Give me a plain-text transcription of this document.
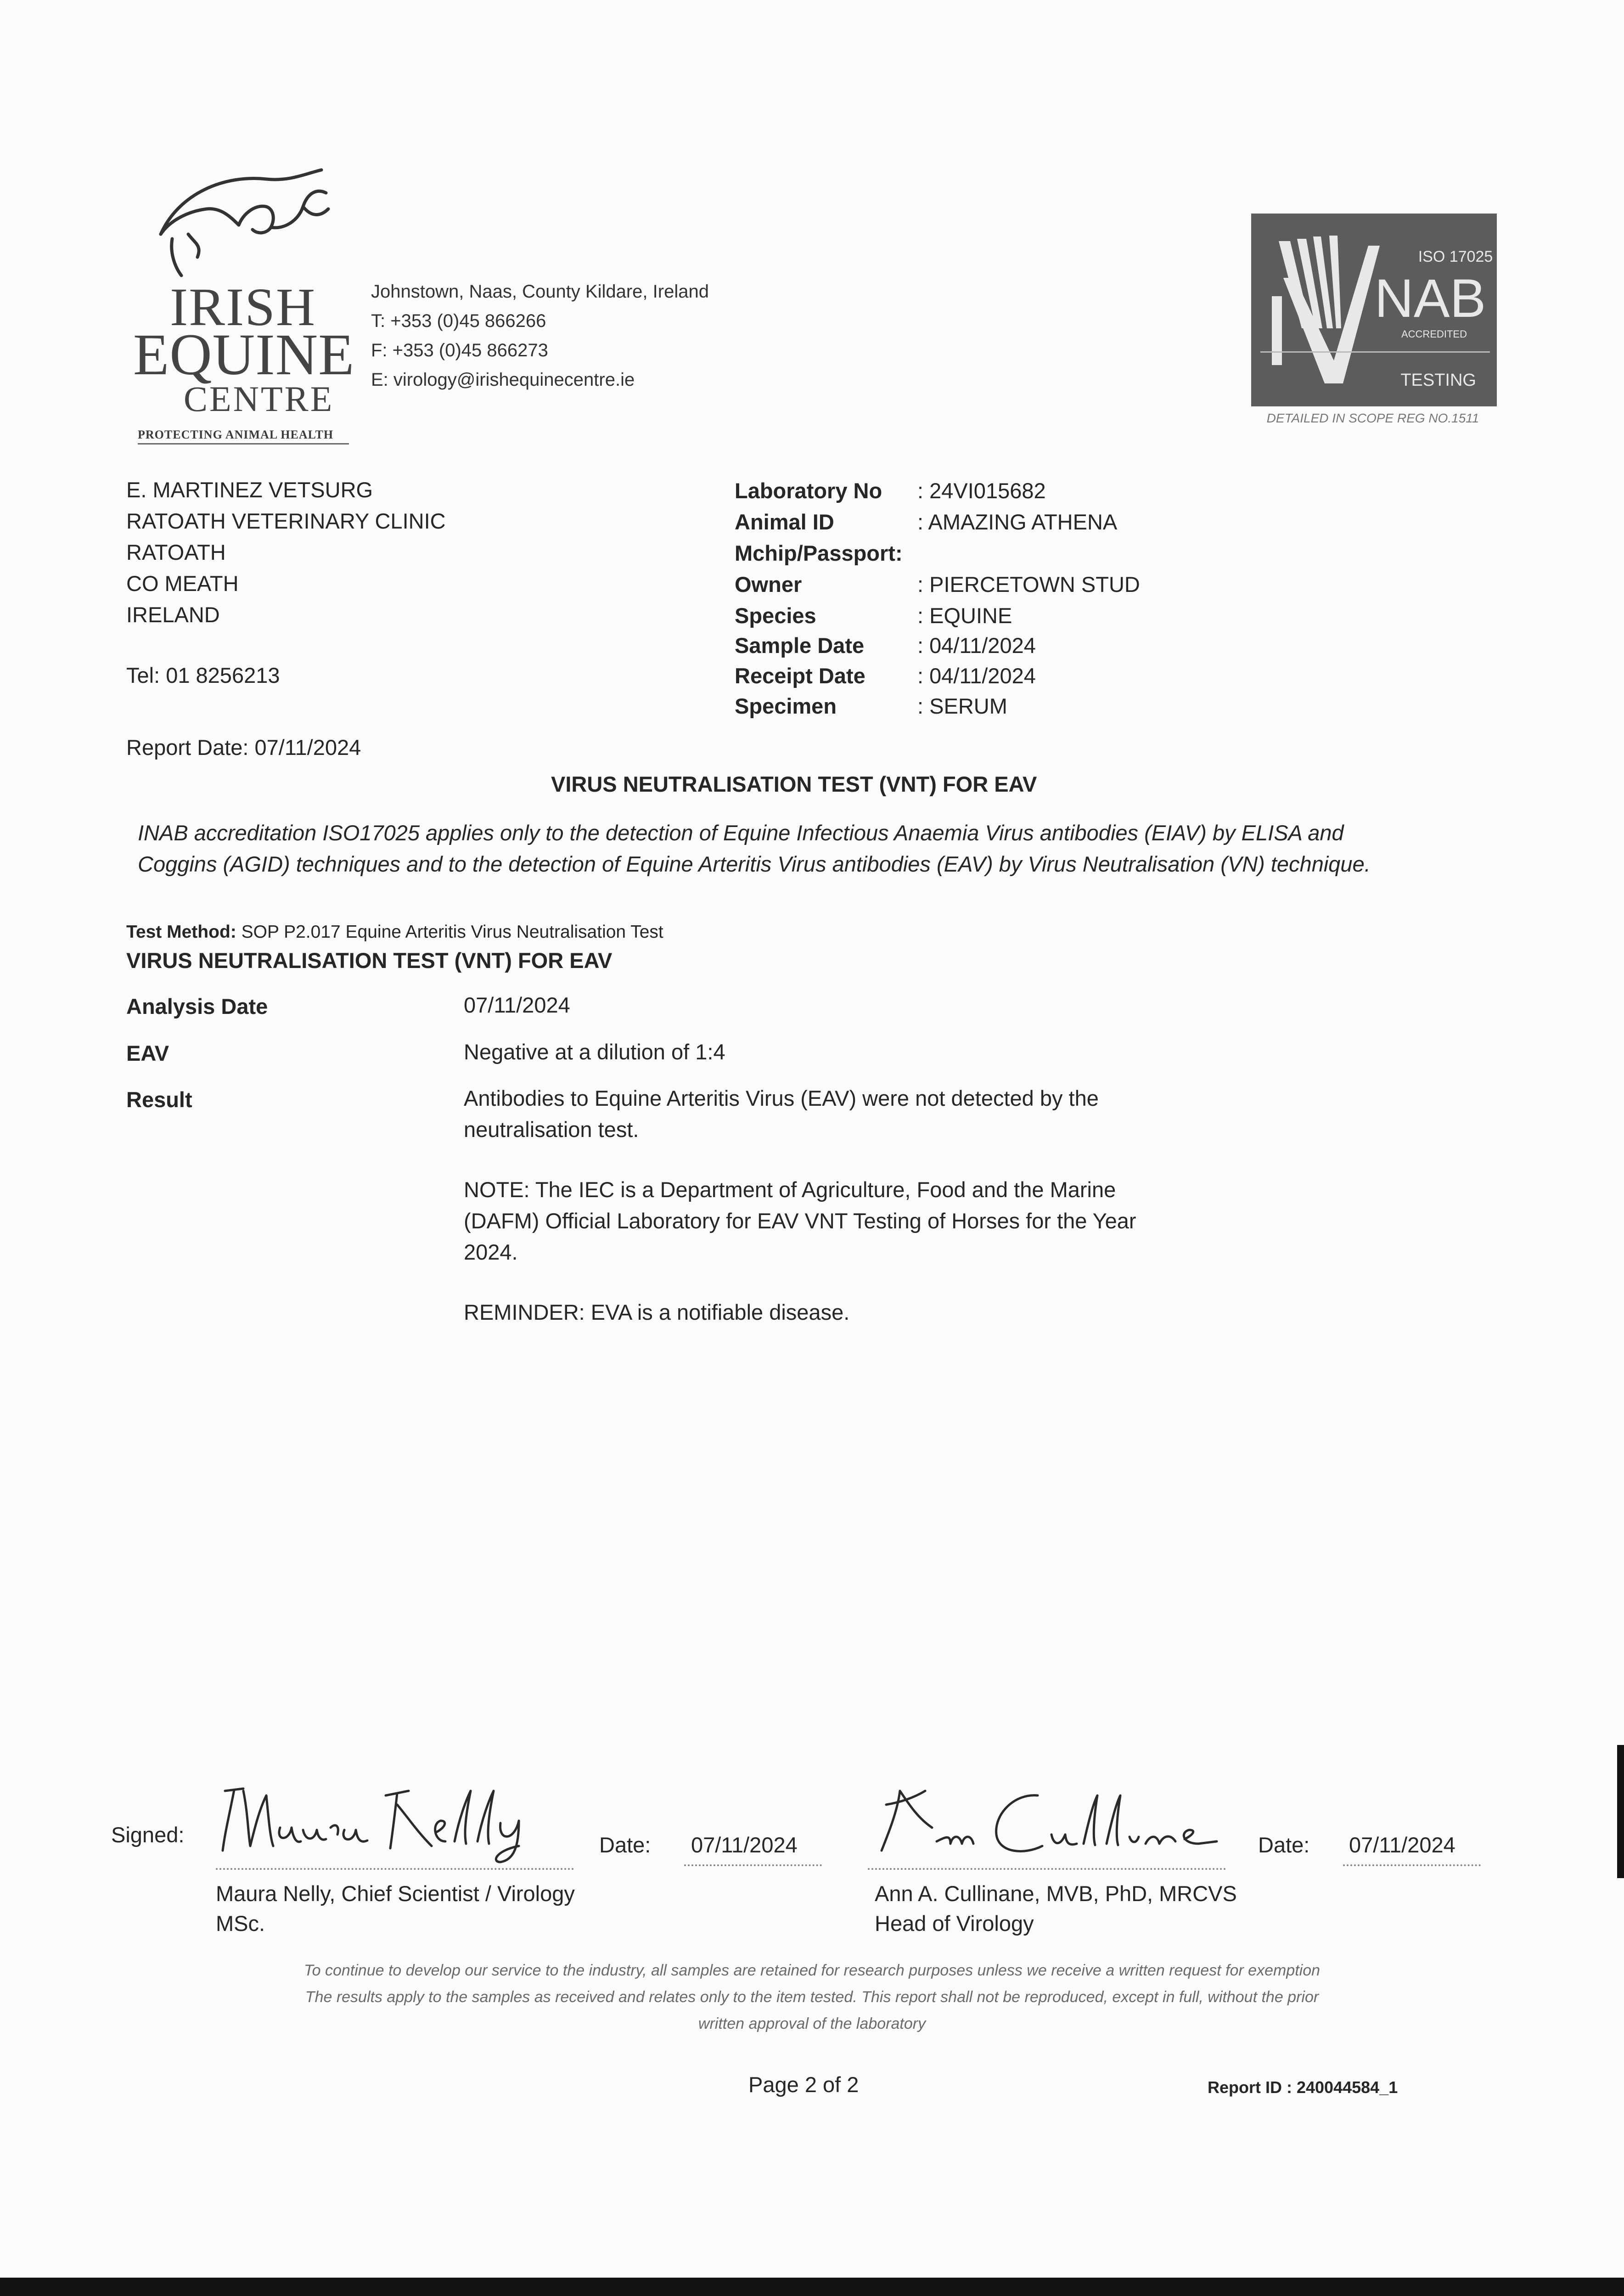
IRISH
EQUINE
CENTRE
PROTECTING ANIMAL HEALTH
Johnstown, Naas, County Kildare, Ireland
T: +353 (0)45 866266
F: +353 (0)45 866273
E: virology@irishequinecentre.ie
ISO 17025
NAB
ACCREDITED
TESTING
DETAILED IN SCOPE REG NO.1511
E. MARTINEZ VETSURG
RATOATH VETERINARY CLINIC
RATOATH
CO MEATH
IRELAND
Tel: 01 8256213
Laboratory No : 24VI015682
Animal ID	: AMAZING ATHENA
Mchip/Passport:
Owner	: PIERCETOWN STUD
Species	: EQUINE
Sample Date : 04/11/2024
Receipt Date : 04/11/2024
Specimen	: SERUM
Report Date: 07/11/2024
VIRUS NEUTRALISATION TEST (VNT) FOR EAV
INAB accreditation ISO17025 applies only to the detection of Equine Infectious Anaemia Virus antibodies (EIAV) by ELISA and Coggins (AGID) techniques and to the detection of Equine Arteritis Virus antibodies (EAV) by Virus Neutralisation (VN) technique.
Test Method: SOP P2.017 Equine Arteritis Virus Neutralisation Test
VIRUS NEUTRALISATION TEST (VNT) FOR EAV
Analysis Date	07/11/2024
EAV	Negative at a dilution of 1:4
Result	Antibodies to Equine Arteritis Virus (EAV) were not detected by the neutralisation test.
NOTE: The IEC is a Department of Agriculture, Food and the Marine (DAFM) Official Laboratory for EAV VNT Testing of Horses for the Year 2024.
REMINDER: EVA is a notifiable disease.
Signed:	Date: 07/11/2024	Date: 07/11/2024
Maura Nelly, Chief Scientist / Virology
MSc.
Ann A. Cullinane, MVB, PhD, MRCVS
Head of Virology
To continue to develop our service to the industry, all samples are retained for research purposes unless we receive a written request for exemption
The results apply to the samples as received and relates only to the item tested. This report shall not be reproduced, except in full, without the prior
written approval of the laboratory
Page 2 of 2	Report ID : 240044584_1
